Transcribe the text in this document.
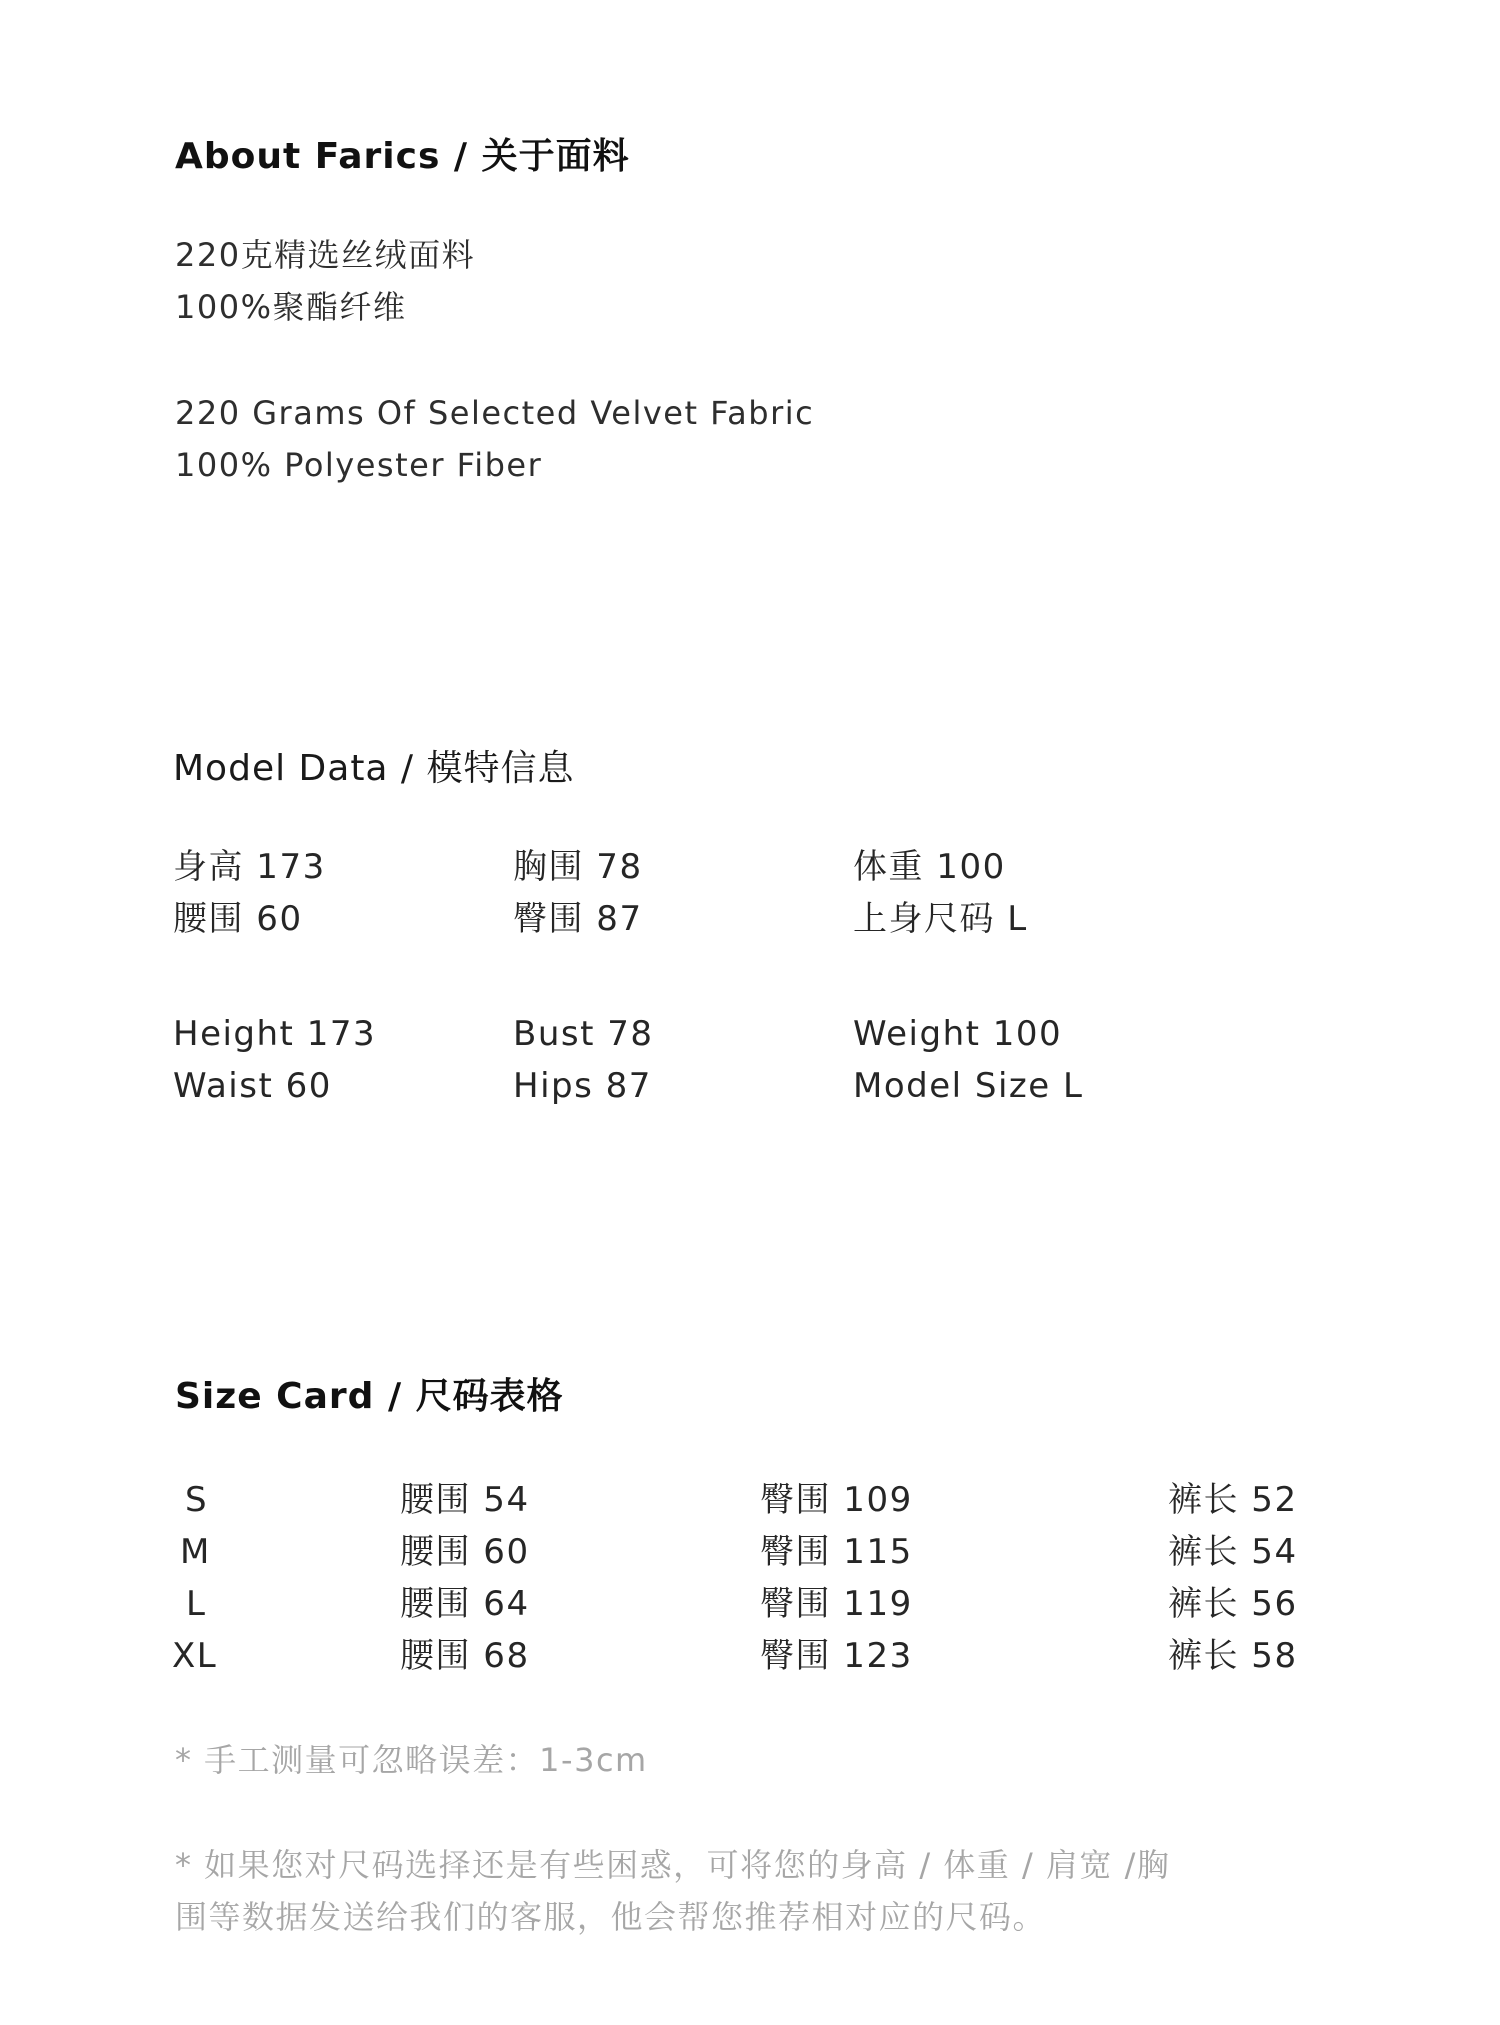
About Farics / 关于面料
220克精选丝绒面料
100%聚酯纤维
220 Grams Of Selected Velvet Fabric
100% Polyester Fiber
Model Data / 模特信息
身高 173	胸围 78	体重 100
腰围 60	臀围 87	上身尺码 L
Height 173	Bust 78	Weight 100
Waist 60	Hips 87	Model Size L
Size Card / 尺码表格
S	腰围 54	臀围 109	裤长 52
M	腰围 60	臀围 115	裤长 54
L	腰围 64	臀围 119	裤长 56
XL	腰围 68	臀围 123	裤长 58
* 手工测量可忽略误差：1-3cm
* 如果您对尺码选择还是有些困惑，可将您的身高 / 体重 / 肩宽 /胸
围等数据发送给我们的客服，他会帮您推荐相对应的尺码。
